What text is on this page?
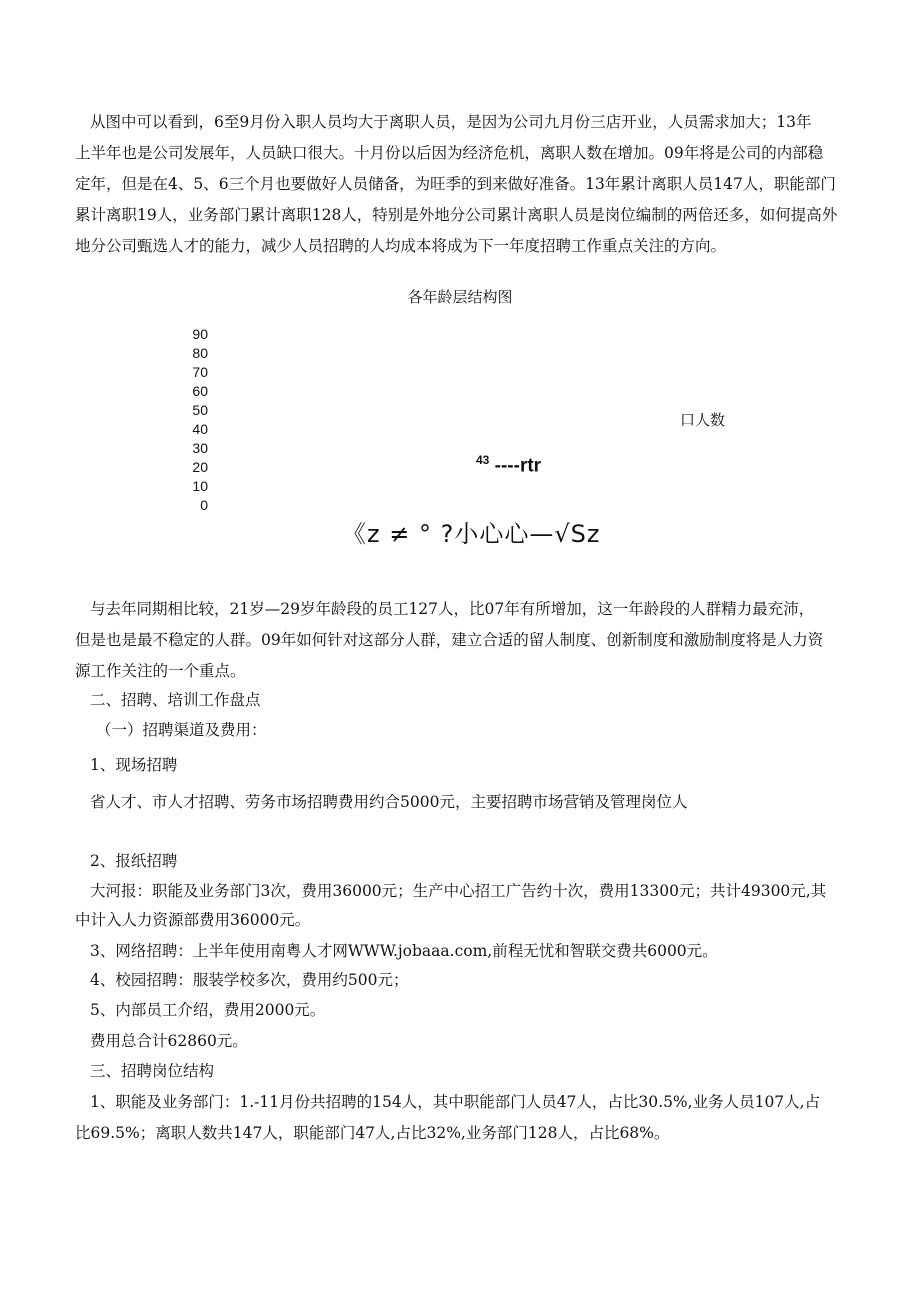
从图中可以看到，6至9月份入职人员均大于离职人员，是因为公司九月份三店开业，人员需求加大；13年
上半年也是公司发展年，人员缺口很大。十月份以后因为经济危机，离职人数在增加。09年将是公司的内部稳
定年，但是在4、5、6三个月也要做好人员储备，为旺季的到来做好准备。13年累计离职人员147人，职能部门
累计离职19人，业务部门累计离职128人，特别是外地分公司累计离职人员是岗位编制的两倍还多，如何提高外
地分公司甄选人才的能力，减少人员招聘的人均成本将成为下一年度招聘工作重点关注的方向。
各年龄层结构图
90
80
70
60
50
40
30
20
10
0
口人数
$^{43}$ ----rtr
《z ≠ ° ?小心心—√Sz
与去年同期相比较，21岁—29岁年龄段的员工127人，比07年有所增加，这一年龄段的人群精力最充沛，
但是也是最不稳定的人群。09年如何针对这部分人群，建立合适的留人制度、创新制度和激励制度将是人力资
源工作关注的一个重点。
二、招聘、培训工作盘点
（一）招聘渠道及费用：
1、现场招聘
省人才、市人才招聘、劳务市场招聘费用约合5000元，主要招聘市场营销及管理岗位人
2、报纸招聘
大河报：职能及业务部门3次，费用36000元；生产中心招工广告约十次，费用13300元；共计49300元,其
中计入人力资源部费用36000元。
3、网络招聘：上半年使用南粤人才网WWW.jobaaa.com,前程无忧和智联交费共6000元。
4、校园招聘：服装学校多次，费用约500元；
5、内部员工介绍，费用2000元。
费用总合计62860元。
三、招聘岗位结构
1、职能及业务部门：1.-11月份共招聘的154人，其中职能部门人员47人，占比30.5%,业务人员107人,占
比69.5%；离职人数共147人，职能部门47人,占比32%,业务部门128人，占比68%。
